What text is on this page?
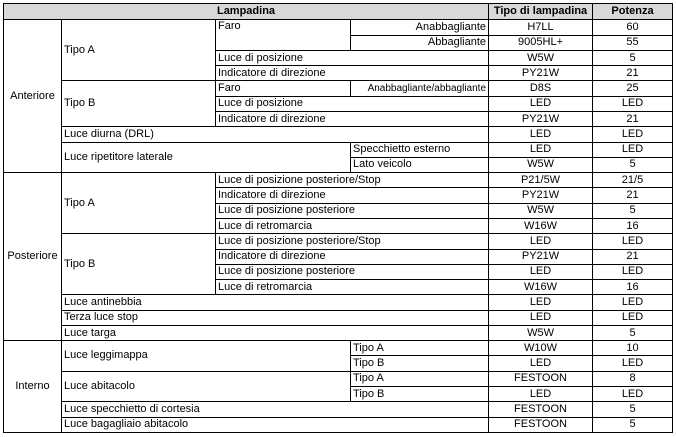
Lampadina				Tipo di lampadina	Potenza
Anteriore	Tipo A	Faro	Anabbagliante	H7LL	60
			Abbagliante	9005HL+	55
		Luce di posizione		W5W	5
		Indicatore di direzione		PY21W	21
	Tipo B	Faro	Anabbagliante/abbagliante	D8S	25
		Luce di posizione		LED	LED
		Indicatore di direzione		PY21W	21
	Luce diurna (DRL)			LED	LED
	Luce ripetitore laterale		Specchietto esterno	LED	LED
			Lato veicolo	W5W	5
Posteriore	Tipo A	Luce di posizione posteriore/Stop		P21/5W	21/5
		Indicatore di direzione		PY21W	21
		Luce di posizione posteriore		W5W	5
		Luce di retromarcia		W16W	16
	Tipo B	Luce di posizione posteriore/Stop		LED	LED
		Indicatore di direzione		PY21W	21
		Luce di posizione posteriore		LED	LED
		Luce di retromarcia		W16W	16
	Luce antinebbia			LED	LED
	Terza luce stop			LED	LED
	Luce targa			W5W	5
Interno	Luce leggimappa		Tipo A	W10W	10
			Tipo B	LED	LED
	Luce abitacolo		Tipo A	FESTOON	8
			Tipo B	LED	LED
	Luce specchietto di cortesia			FESTOON	5
	Luce bagagliaio abitacolo			FESTOON	5
